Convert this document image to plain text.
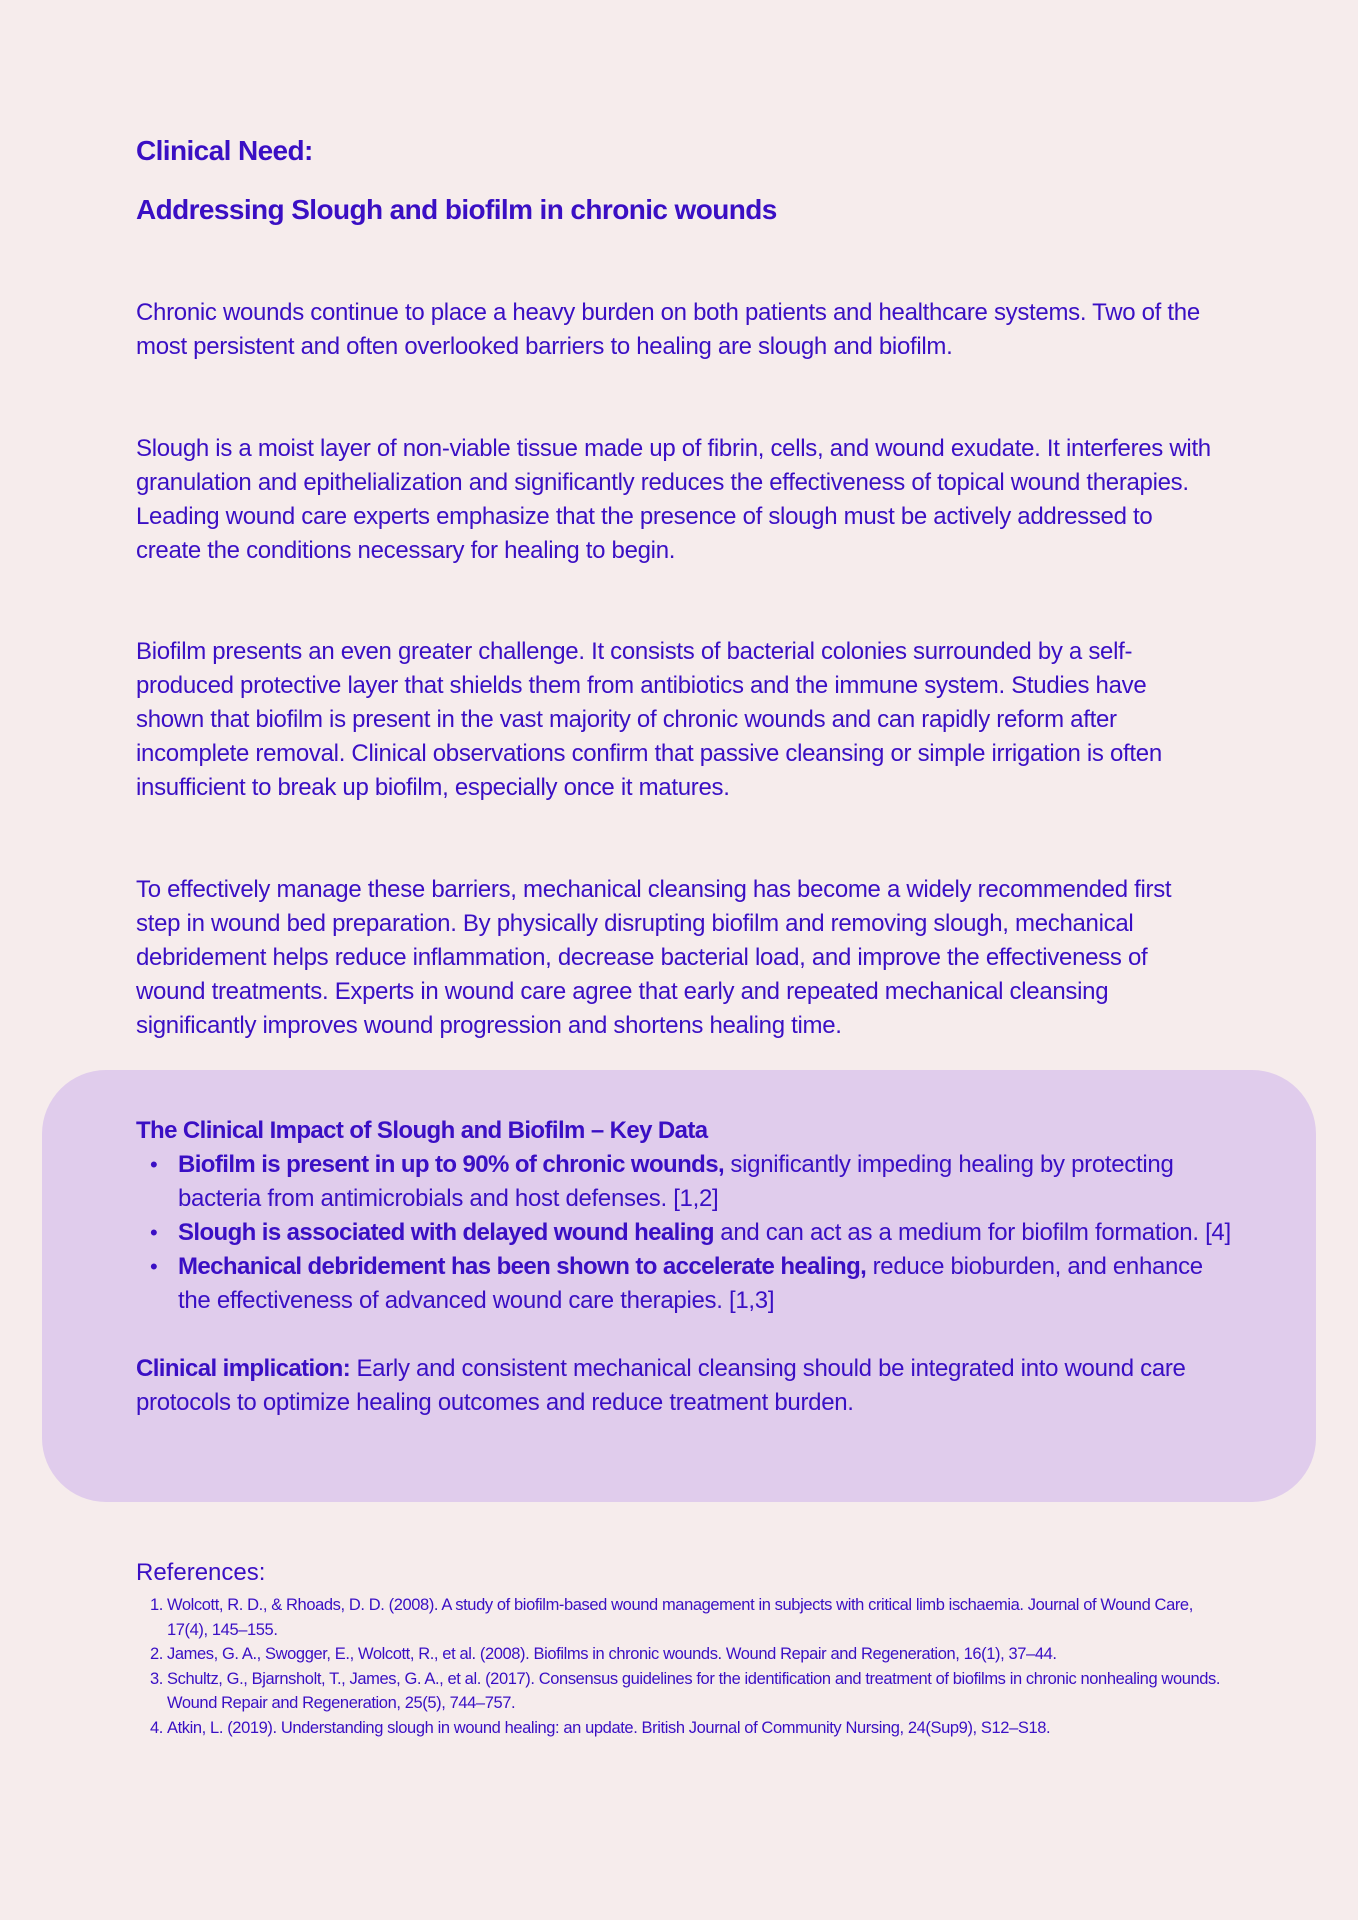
Clinical Need:
Addressing Slough and biofilm in chronic wounds

Chronic wounds continue to place a heavy burden on both patients and healthcare systems. Two of the most persistent and often overlooked barriers to healing are slough and biofilm.

Slough is a moist layer of non-viable tissue made up of fibrin, cells, and wound exudate. It interferes with granulation and epithelialization and significantly reduces the effectiveness of topical wound therapies. Leading wound care experts emphasize that the presence of slough must be actively addressed to create the conditions necessary for healing to begin.

Biofilm presents an even greater challenge. It consists of bacterial colonies surrounded by a self-produced protective layer that shields them from antibiotics and the immune system. Studies have shown that biofilm is present in the vast majority of chronic wounds and can rapidly reform after incomplete removal. Clinical observations confirm that passive cleansing or simple irrigation is often insufficient to break up biofilm, especially once it matures.

To effectively manage these barriers, mechanical cleansing has become a widely recommended first step in wound bed preparation. By physically disrupting biofilm and removing slough, mechanical debridement helps reduce inflammation, decrease bacterial load, and improve the effectiveness of wound treatments. Experts in wound care agree that early and repeated mechanical cleansing significantly improves wound progression and shortens healing time.

The Clinical Impact of Slough and Biofilm – Key Data
• Biofilm is present in up to 90% of chronic wounds, significantly impeding healing by protecting bacteria from antimicrobials and host defenses. [1,2]
• Slough is associated with delayed wound healing and can act as a medium for biofilm formation. [4]
• Mechanical debridement has been shown to accelerate healing, reduce bioburden, and enhance the effectiveness of advanced wound care therapies. [1,3]

Clinical implication: Early and consistent mechanical cleansing should be integrated into wound care protocols to optimize healing outcomes and reduce treatment burden.

References:
1. Wolcott, R. D., & Rhoads, D. D. (2008). A study of biofilm-based wound management in subjects with critical limb ischaemia. Journal of Wound Care, 17(4), 145–155.
2. James, G. A., Swogger, E., Wolcott, R., et al. (2008). Biofilms in chronic wounds. Wound Repair and Regeneration, 16(1), 37–44.
3. Schultz, G., Bjarnsholt, T., James, G. A., et al. (2017). Consensus guidelines for the identification and treatment of biofilms in chronic nonhealing wounds. Wound Repair and Regeneration, 25(5), 744–757.
4. Atkin, L. (2019). Understanding slough in wound healing: an update. British Journal of Community Nursing, 24(Sup9), S12–S18.
